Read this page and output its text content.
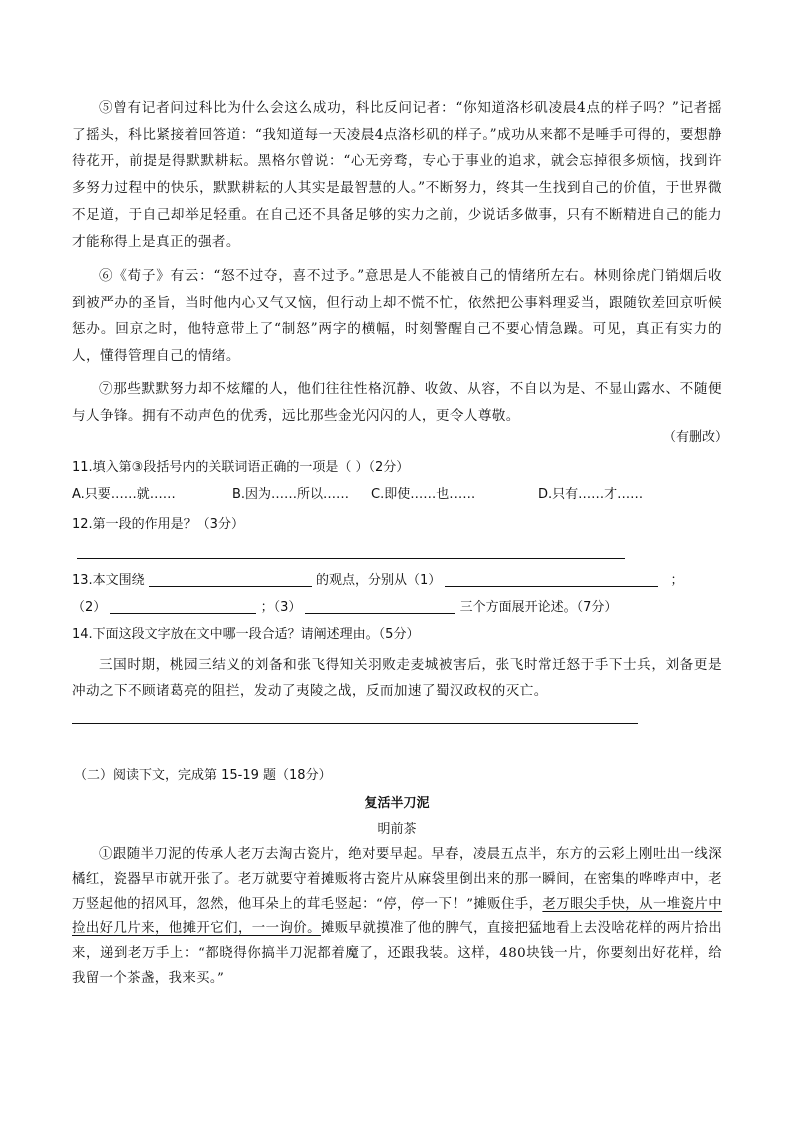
⑤曾有记者问过科比为什么会这么成功，科比反问记者：“你知道洛杉矶凌晨4点的样子吗？”记者摇了摇头，科比紧接着回答道：“我知道每一天凌晨4点洛杉矶的样子。”成功从来都不是唾手可得的，要想静待花开，前提是得默默耕耘。黑格尔曾说：“心无旁骛，专心于事业的追求，就会忘掉很多烦恼，找到许多努力过程中的快乐，默默耕耘的人其实是最智慧的人。”不断努力，终其一生找到自己的价值，于世界微不足道，于自己却举足轻重。在自己还不具备足够的实力之前，少说话多做事，只有不断精进自己的能力才能称得上是真正的强者。

⑥《荀子》有云：“怒不过夺，喜不过予。”意思是人不能被自己的情绪所左右。林则徐虎门销烟后收到被严办的圣旨，当时他内心又气又恼，但行动上却不慌不忙，依然把公事料理妥当，跟随钦差回京听候惩办。回京之时，他特意带上了“制怒”两字的横幅，时刻警醒自己不要心情急躁。可见，真正有实力的人，懂得管理自己的情绪。

⑦那些默默努力却不炫耀的人，他们往往性格沉静、收敛、从容，不自以为是、不显山露水、不随便与人争锋。拥有不动声色的优秀，远比那些金光闪闪的人，更令人尊敬。

（有删改）
11.填入第③段括号内的关联词语正确的一项是（ ）（2分）
A.只要……就……	B.因为……所以…… C.即使……也……	D.只有……才……
12.第一段的作用是？（3分）
13.本文围绕	的观点，分别从（1）	；
（2）	；（3）	三个方面展开论述。（7分）
14.下面这段文字放在文中哪一段合适？请阐述理由。（5分）

三国时期，桃园三结义的刘备和张飞得知关羽败走麦城被害后，张飞时常迁怒于手下士兵，刘备更是冲动之下不顾诸葛亮的阻拦，发动了夷陵之战，反而加速了蜀汉政权的灭亡。

（二）阅读下文，完成第 15-19 题（18分）
复活半刀泥
明前茶

①跟随半刀泥的传承人老万去淘古瓷片，绝对要早起。早春，凌晨五点半，东方的云彩上刚吐出一线深橘红，瓷器早市就开张了。老万就要守着摊贩将古瓷片从麻袋里倒出来的那一瞬间，在密集的哗哗声中，老万竖起他的招风耳，忽然，他耳朵上的茸毛竖起：“停，停一下！”摊贩住手，老万眼尖手快，从一堆瓷片中捡出好几片来，他摊开它们，一一询价。摊贩早就摸准了他的脾气，直接把猛地看上去没啥花样的两片拾出来，递到老万手上：“都晓得你搞半刀泥都着魔了，还跟我装。这样，480块钱一片，你要刻出好花样，给我留一个茶盏，我来买。”
